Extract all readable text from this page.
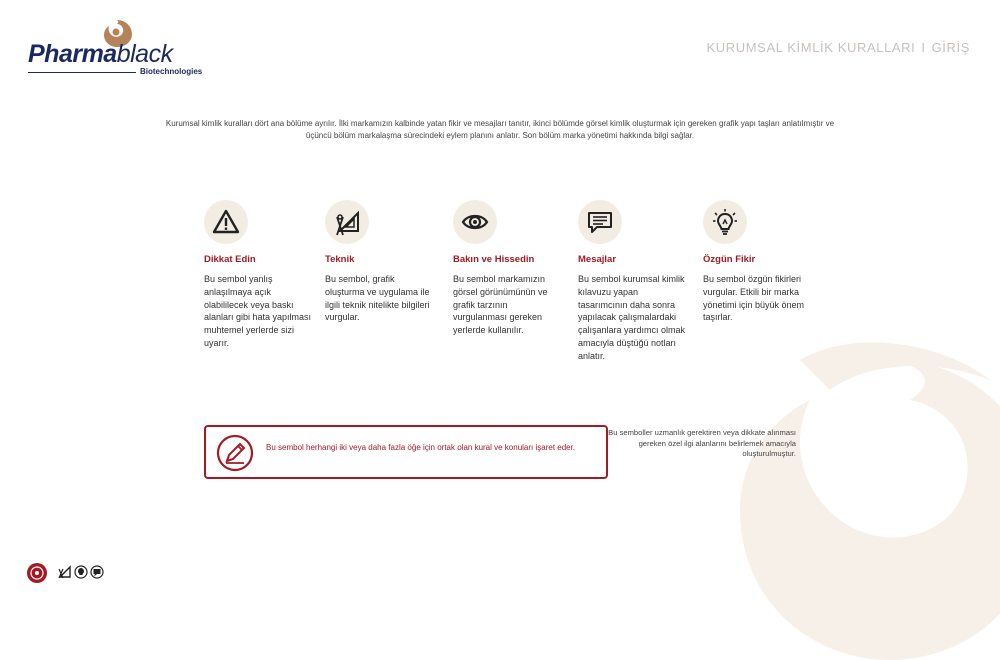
Pharmablack
Biotechnologies
KURUMSAL KİMLİK KURALLARI I GİRİŞ
Kurumsal kimlik kuralları dört ana bölüme ayrılır. İlki markamızın kalbinde yatan fikir ve mesajları tanıtır, ikinci bölümde görsel kimlik oluşturmak için gereken grafik yapı taşları anlatılmıştır ve üçüncü bölüm markalaşma sürecindeki eylem planını anlatır. Son bölüm marka yönetimi hakkında bilgi sağlar.
Dikkat Edin

Bu sembol yanlış anlaşılmaya açık olabililecek veya baskı alanları gibi hata yapılması muhtemel yerlerde sizi uyarır.

Teknik

Bu sembol, grafik oluşturma ve uygulama ile ilgili teknik nitelikte bilgileri vurgular.

Bakın ve Hissedin

Bu sembol markamızın görsel görünümünün ve grafik tarzının vurgulanması gereken yerlerde kullanılır.

Mesajlar

Bu sembol kurumsal kimlik kılavuzu yapan tasarımcının daha sonra yapılacak çalışmalardaki çalışanlara yardımcı olmak amacıyla düştüğü notları anlatır.

Özgün Fikir

Bu sembol özgün fikirleri vurgular. Etkili bir marka yönetimi için büyük önem taşırlar.

Bu sembol herhangi iki veya daha fazla öğe için ortak olan kural ve konuları işaret eder.
Bu semboller uzmanlık gerektiren veya dikkate alınması gereken özel ilgi alanlarını belirlemek amacıyla oluşturulmuştur.
